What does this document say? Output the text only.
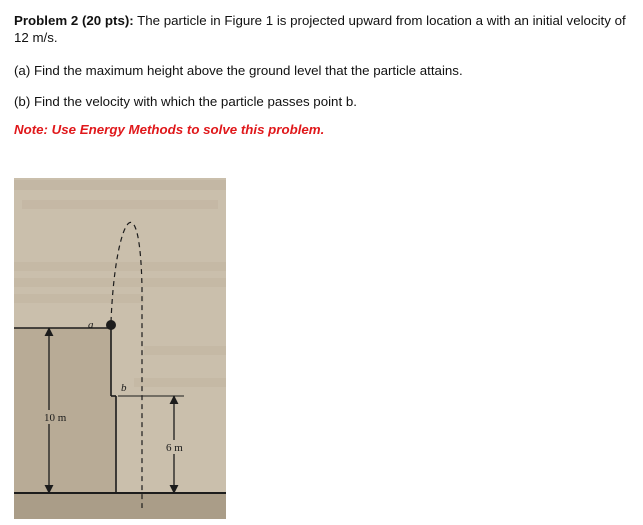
Problem 2 (20 pts): The particle in Figure 1 is projected upward from location a with an initial velocity of 12 m/s.
(a) Find the maximum height above the ground level that the particle attains.
(b) Find the velocity with which the particle passes point b.
Note: Use Energy Methods to solve this problem.
10 m
6 m
a
b
